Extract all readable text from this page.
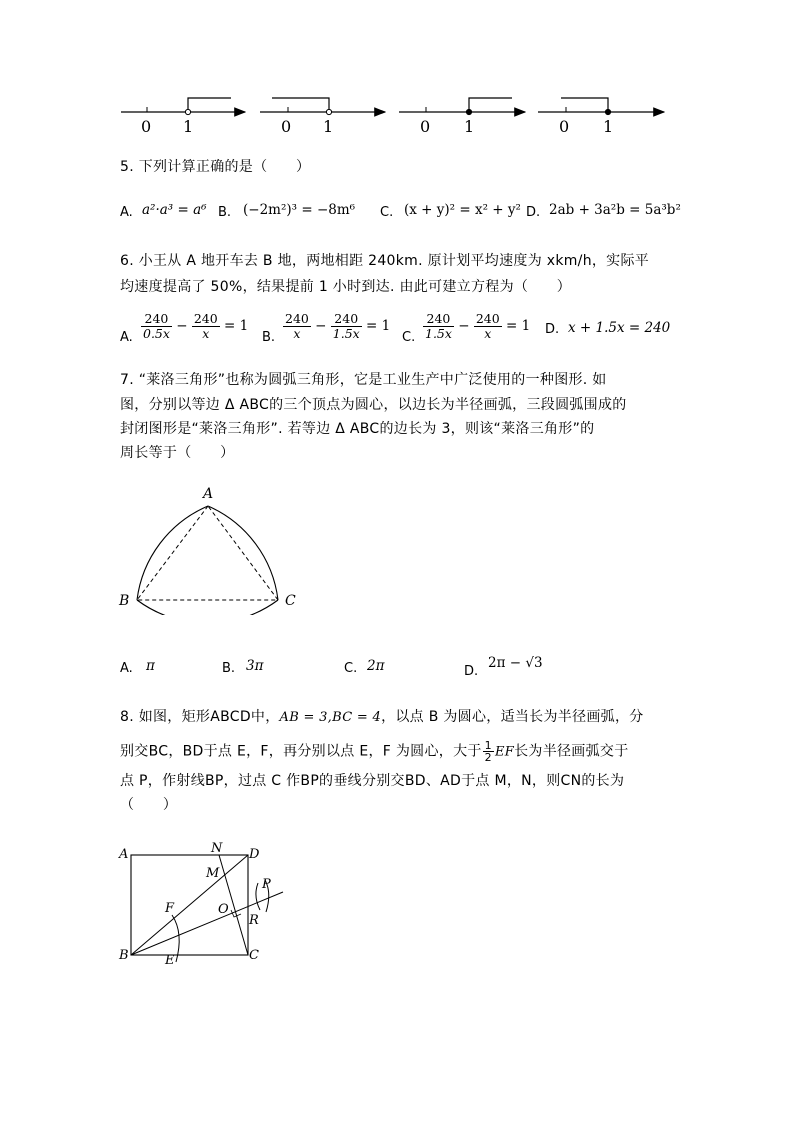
0 1	0 1	0 1	0 1
5. 下列计算正确的是（　　）
A. a²·a³ = a⁶ B. (−2m²)³ = −8m⁶ C. (x + y)² = x² + y² D. 2ab + 3a²b = 5a³b²
6. 小王从 A 地开车去 B 地，两地相距 240km. 原计划平均速度为 xkm/h，实际平
均速度提高了 50%，结果提前 1 小时到达. 由此可建立方程为（　　）
A. $\frac{240}{0.5x} - \frac{240}{x} = 1$
B. $\frac{240}{x} - \frac{240}{1.5x} = 1$
C. $\frac{240}{1.5x} - \frac{240}{x} = 1$ D. x + 1.5x = 240
7. “莱洛三角形”也称为圆弧三角形，它是工业生产中广泛使用的一种图形. 如
图，分别以等边 Δ ABC的三个顶点为圆心，以边长为半径画弧，三段圆弧围成的
封闭图形是“莱洛三角形”. 若等边 Δ ABC的边长为 3，则该“莱洛三角形”的
周长等于（　　）
A
B	C
A. π	B. 3π	C. 2π	D.
2π − √3
8. 如图，矩形ABCD中，AB = 3,BC = 4，以点 B 为圆心，适当长为半径画弧，分
别交BC，BD于点 E，F，再分别以点 E，F 为圆心，大于 $\frac{1}{2}$ EF长为半径画弧交于
点 P，作射线BP，过点 C 作BP的垂线分别交BD、AD于点 M，N，则CN的长为
（　　）
A	D
N
M
P
F	O
R
B	E	C
